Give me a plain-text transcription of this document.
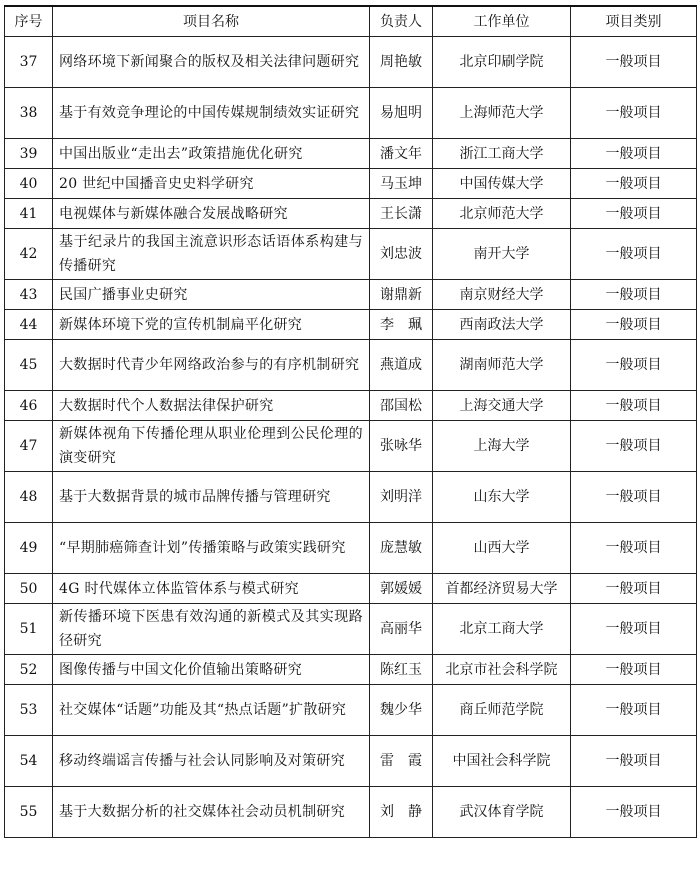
序号	项目名称	负责人	工作单位	项目类别
37	网络环境下新闻聚合的版权及相关法律问题研究	周艳敏	北京印刷学院	一般项目
38	基于有效竞争理论的中国传媒规制绩效实证研究	易旭明	上海师范大学	一般项目
39	中国出版业“走出去”政策措施优化研究	潘文年	浙江工商大学	一般项目
40	20 世纪中国播音史史料学研究	马玉坤	中国传媒大学	一般项目
41	电视媒体与新媒体融合发展战略研究	王长潇	北京师范大学	一般项目
42	基于纪录片的我国主流意识形态话语体系构建与传播研究	刘忠波	南开大学	一般项目
43	民国广播事业史研究	谢鼎新	南京财经大学	一般项目
44	新媒体环境下党的宣传机制扁平化研究	李　珮	西南政法大学	一般项目
45	大数据时代青少年网络政治参与的有序机制研究	燕道成	湖南师范大学	一般项目
46	大数据时代个人数据法律保护研究	邵国松	上海交通大学	一般项目
47	新媒体视角下传播伦理从职业伦理到公民伦理的演变研究	张咏华	上海大学	一般项目
48	基于大数据背景的城市品牌传播与管理研究	刘明洋	山东大学	一般项目
49	“早期肺癌筛查计划”传播策略与政策实践研究	庞慧敏	山西大学	一般项目
50	4G 时代媒体立体监管体系与模式研究	郭媛媛	首都经济贸易大学	一般项目
51	新传播环境下医患有效沟通的新模式及其实现路径研究	高丽华	北京工商大学	一般项目
52	图像传播与中国文化价值输出策略研究	陈红玉	北京市社会科学院	一般项目
53	社交媒体“话题”功能及其“热点话题”扩散研究	魏少华	商丘师范学院	一般项目
54	移动终端谣言传播与社会认同影响及对策研究	雷　霞	中国社会科学院	一般项目
55	基于大数据分析的社交媒体社会动员机制研究	刘　静	武汉体育学院	一般项目
